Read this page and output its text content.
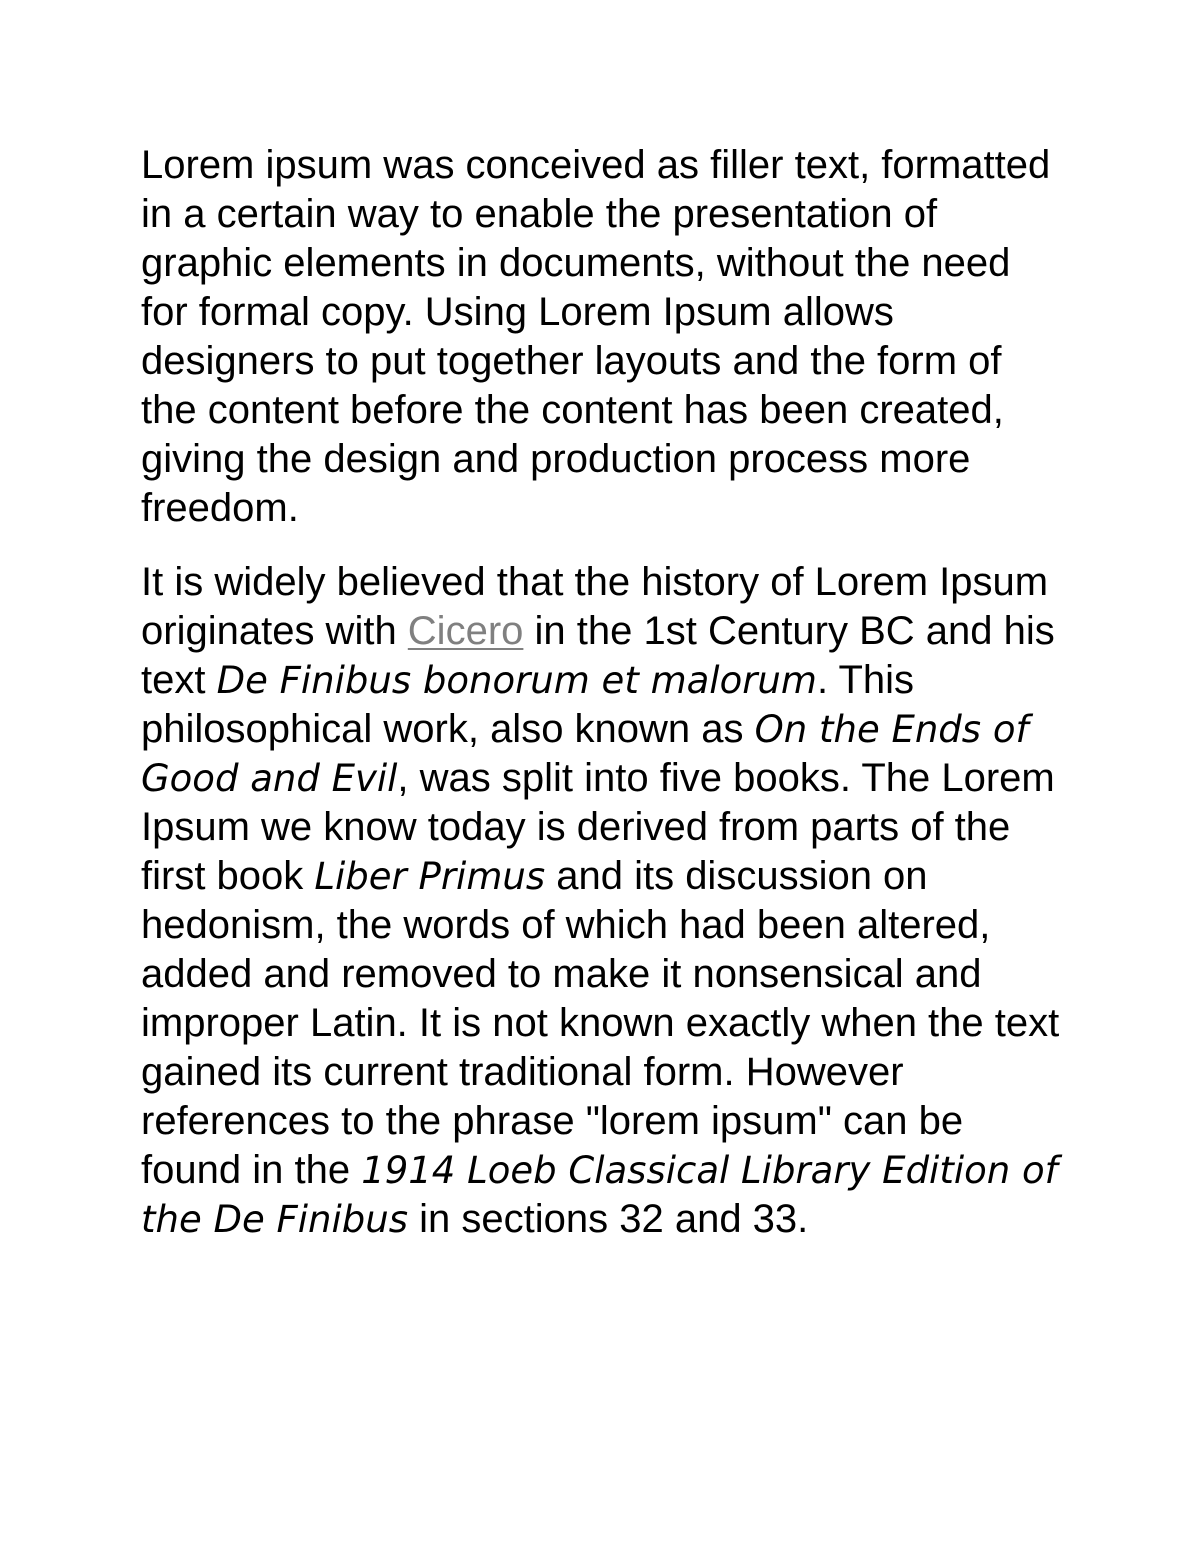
Lorem ipsum was conceived as filler text, formatted in a certain way to enable the presentation of graphic elements in documents, without the need for formal copy. Using Lorem Ipsum allows designers to put together layouts and the form of the content before the content has been created, giving the design and production process more freedom.

It is widely believed that the history of Lorem Ipsum originates with Cicero in the 1st Century BC and his text De Finibus bonorum et malorum. This philosophical work, also known as On the Ends of Good and Evil, was split into five books. The Lorem Ipsum we know today is derived from parts of the first book Liber Primus and its discussion on hedonism, the words of which had been altered, added and removed to make it nonsensical and improper Latin. It is not known exactly when the text gained its current traditional form. However references to the phrase "lorem ipsum" can be found in the 1914 Loeb Classical Library Edition of the De Finibus in sections 32 and 33.
